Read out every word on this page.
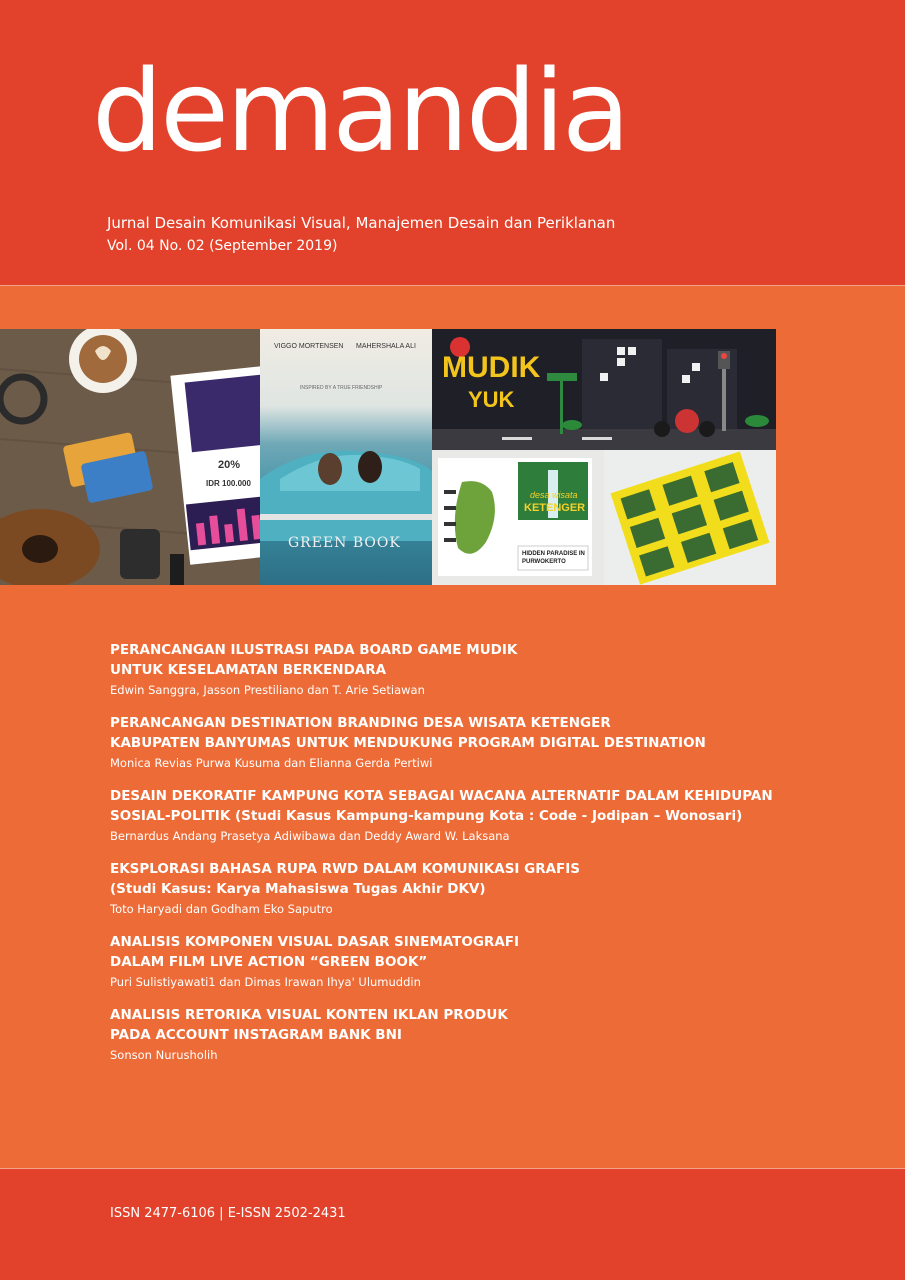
demandia
Jurnal Desain Komunikasi Visual, Manajemen Desain dan Periklanan
Vol. 04 No. 02 (September 2019)
20%
IDR 100.000
VIGGO MORTENSEN MAHERSHALA ALI
INSPIRED BY A TRUE FRIENDSHIP
GREEN BOOK
MUDIK
YUK
desa wisata
KETENGER
HIDDEN PARADISE IN PURWOKERTO
PERANCANGAN ILUSTRASI PADA BOARD GAME MUDIK
UNTUK KESELAMATAN BERKENDARA
Edwin Sanggra, Jasson Prestiliano dan T. Arie Setiawan
PERANCANGAN DESTINATION BRANDING DESA WISATA KETENGER
KABUPATEN BANYUMAS UNTUK MENDUKUNG PROGRAM DIGITAL DESTINATION
Monica Revias Purwa Kusuma dan Elianna Gerda Pertiwi
DESAIN DEKORATIF KAMPUNG KOTA SEBAGAI WACANA ALTERNATIF DALAM KEHIDUPAN
SOSIAL-POLITIK (Studi Kasus Kampung-kampung Kota : Code - Jodipan – Wonosari)
Bernardus Andang Prasetya Adiwibawa dan Deddy Award W. Laksana
EKSPLORASI BAHASA RUPA RWD DALAM KOMUNIKASI GRAFIS
(Studi Kasus: Karya Mahasiswa Tugas Akhir DKV)
Toto Haryadi dan Godham Eko Saputro
ANALISIS KOMPONEN VISUAL DASAR SINEMATOGRAFI
DALAM FILM LIVE ACTION “GREEN BOOK”
Puri Sulistiyawati1 dan Dimas Irawan Ihya' Ulumuddin
ANALISIS RETORIKA VISUAL KONTEN IKLAN PRODUK
PADA ACCOUNT INSTAGRAM BANK BNI
Sonson Nurusholih
ISSN 2477-6106 | E-ISSN 2502-2431
